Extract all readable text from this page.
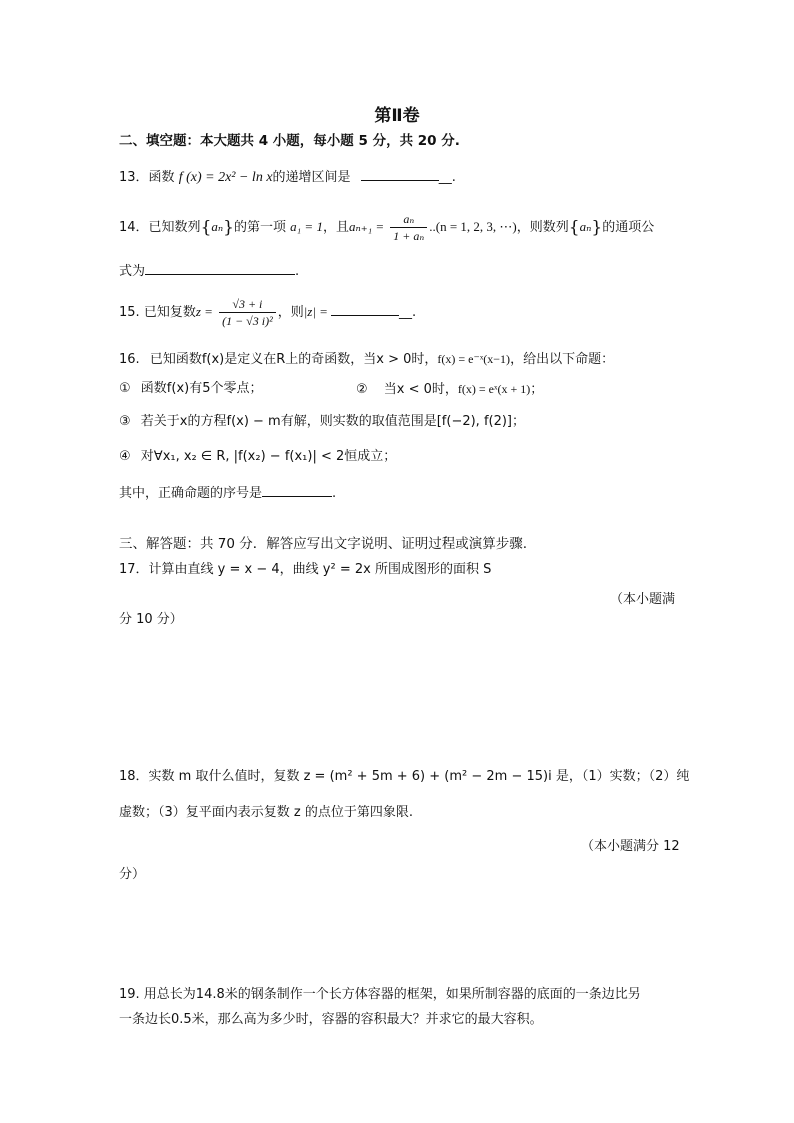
第Ⅱ卷
二、填空题：本大题共 4 小题，每小题 5 分，共 20 分.
13．函数 f (x) = 2x² − ln x的递增区间是	__.
14．已知数列{aₙ}的第一项 a₁ = 1，且$a_{n+1} = \frac{\text{aₙ}}{\text{1 + aₙ}} ..(n = 1$, 2, 3, ⋯)，则数列{aₙ}的通项公
式为	.
15. 已知复数$z = \frac{√3 + i}{\text{(1 − √3 i)²}}$ ，则|z| =	__.
16. 已知函数f(x)是定义在R上的奇函数，当x > 0时，f(x) = e⁻ˣ(x−1)，给出以下命题：
① 函数f(x)有5个零点；	② 当x < 0时，f(x) = eˣ(x + 1)；
③ 若关于x的方程f(x) − m有解，则实数的取值范围是[f(−2), f(2)]；
④ 对∀x₁, x₂ ∈ R, |f(x₂) − f(x₁)| < 2恒成立；
其中，正确命题的序号是	.
三、解答题：共 70 分．解答应写出文字说明、证明过程或演算步骤.
17．计算由直线 y = x − 4，曲线 y² = 2x 所围成图形的面积 S
（本小题满
分 10 分）
18．实数 m 取什么值时，复数 z = (m² + 5m + 6) + (m² − 2m − 15)i 是，（1）实数；（2）纯
虚数；（3）复平面内表示复数 z 的点位于第四象限.
（本小题满分 12
分）
19. 用总长为14.8米的钢条制作一个长方体容器的框架，如果所制容器的底面的一条边比另
一条边长0.5米，那么高为多少时，容器的容积最大？并求它的最大容积。
